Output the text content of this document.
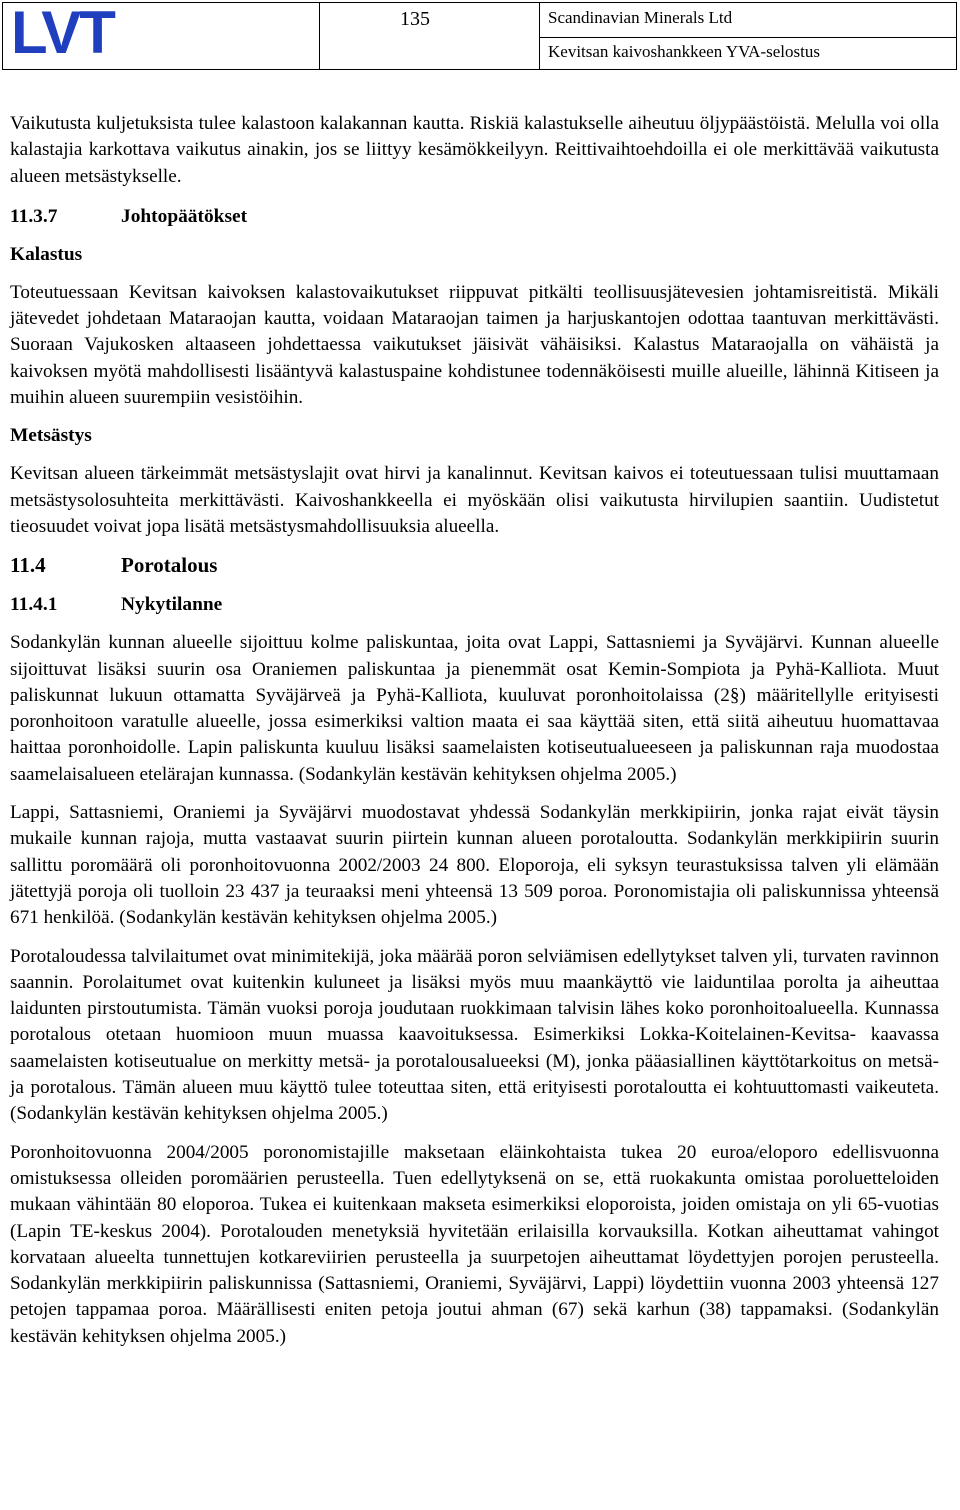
LVT	135	Scandinavian Minerals Ltd
Kevitsan kaivoshankkeen YVA-selostus

Vaikutusta kuljetuksista tulee kalastoon kalakannan kautta. Riskiä kalastukselle aiheutuu öljypäästöistä. Melulla voi olla kalastajia karkottava vaikutus ainakin, jos se liittyy kesämökkeilyyn. Reittivaihtoehdoilla ei ole merkittävää vaikutusta alueen metsästykselle.

11.3.7	Johtopäätökset
Kalastus

Toteutuessaan Kevitsan kaivoksen kalastovaikutukset riippuvat pitkälti teollisuusjätevesien johtamisreitistä. Mikäli jätevedet johdetaan Mataraojan kautta, voidaan Mataraojan taimen ja harjuskantojen odottaa taantuvan merkittävästi. Suoraan Vajukosken altaaseen johdettaessa vaikutukset jäisivät vähäisiksi. Kalastus Mataraojalla on vähäistä ja kaivoksen myötä mahdollisesti lisääntyvä kalastuspaine kohdistunee todennäköisesti muille alueille, lähinnä Kitiseen ja muihin alueen suurempiin vesistöihin.

Metsästys

Kevitsan alueen tärkeimmät metsästyslajit ovat hirvi ja kanalinnut. Kevitsan kaivos ei toteutuessaan tulisi muuttamaan metsästysolosuhteita merkittävästi. Kaivoshankkeella ei myöskään olisi vaikutusta hirvilupien saantiin. Uudistetut tieosuudet voivat jopa lisätä metsästysmahdollisuuksia alueella.

11.4	Porotalous
11.4.1	Nykytilanne

Sodankylän kunnan alueelle sijoittuu kolme paliskuntaa, joita ovat Lappi, Sattasniemi ja Syväjärvi. Kunnan alueelle sijoittuvat lisäksi suurin osa Oraniemen paliskuntaa ja pienemmät osat Kemin-Sompiota ja Pyhä-Kalliota. Muut paliskunnat lukuun ottamatta Syväjärveä ja Pyhä-Kalliota, kuuluvat poronhoitolaissa (2§) määritellylle erityisesti poronhoitoon varatulle alueelle, jossa esimerkiksi valtion maata ei saa käyttää siten, että siitä aiheutuu huomattavaa haittaa poronhoidolle. Lapin paliskunta kuuluu lisäksi saamelaisten kotiseutualueeseen ja paliskunnan raja muodostaa saamelaisalueen etelärajan kunnassa. (Sodankylän kestävän kehityksen ohjelma 2005.)

Lappi, Sattasniemi, Oraniemi ja Syväjärvi muodostavat yhdessä Sodankylän merkkipiirin, jonka rajat eivät täysin mukaile kunnan rajoja, mutta vastaavat suurin piirtein kunnan alueen porotaloutta. Sodankylän merkkipiirin suurin sallittu poromäärä oli poronhoitovuonna 2002/2003 24 800. Eloporoja, eli syksyn teurastuksissa talven yli elämään jätettyjä poroja oli tuolloin 23 437 ja teuraaksi meni yhteensä 13 509 poroa. Poronomistajia oli paliskunnissa yhteensä 671 henkilöä. (Sodankylän kestävän kehityksen ohjelma 2005.)

Porotaloudessa talvilaitumet ovat minimitekijä, joka määrää poron selviämisen edellytykset talven yli, turvaten ravinnon saannin. Porolaitumet ovat kuitenkin kuluneet ja lisäksi myös muu maankäyttö vie laiduntilaa porolta ja aiheuttaa laidunten pirstoutumista. Tämän vuoksi poroja joudutaan ruokkimaan talvisin lähes koko poronhoitoalueella. Kunnassa porotalous otetaan huomioon muun muassa kaavoituksessa. Esimerkiksi Lokka-Koitelainen-Kevitsa- kaavassa saamelaisten kotiseutualue on merkitty metsä- ja porotalousalueeksi (M), jonka pääasiallinen käyttötarkoitus on metsä- ja porotalous. Tämän alueen muu käyttö tulee toteuttaa siten, että erityisesti porotaloutta ei kohtuuttomasti vaikeuteta. (Sodankylän kestävän kehityksen ohjelma 2005.)

Poronhoitovuonna 2004/2005 poronomistajille maksetaan eläinkohtaista tukea 20 euroa/eloporo edellisvuonna omistuksessa olleiden poromäärien perusteella. Tuen edellytyksenä on se, että ruokakunta omistaa poroluetteloiden mukaan vähintään 80 eloporoa. Tukea ei kuitenkaan makseta esimerkiksi eloporoista, joiden omistaja on yli 65-vuotias (Lapin TE-keskus 2004). Porotalouden menetyksiä hyvitetään erilaisilla korvauksilla. Kotkan aiheuttamat vahingot korvataan alueelta tunnettujen kotkareviirien perusteella ja suurpetojen aiheuttamat löydettyjen porojen perusteella. Sodankylän merkkipiirin paliskunnissa (Sattasniemi, Oraniemi, Syväjärvi, Lappi) löydettiin vuonna 2003 yhteensä 127 petojen tappamaa poroa. Määrällisesti eniten petoja joutui ahman (67) sekä karhun (38) tappamaksi. (Sodankylän kestävän kehityksen ohjelma 2005.)
